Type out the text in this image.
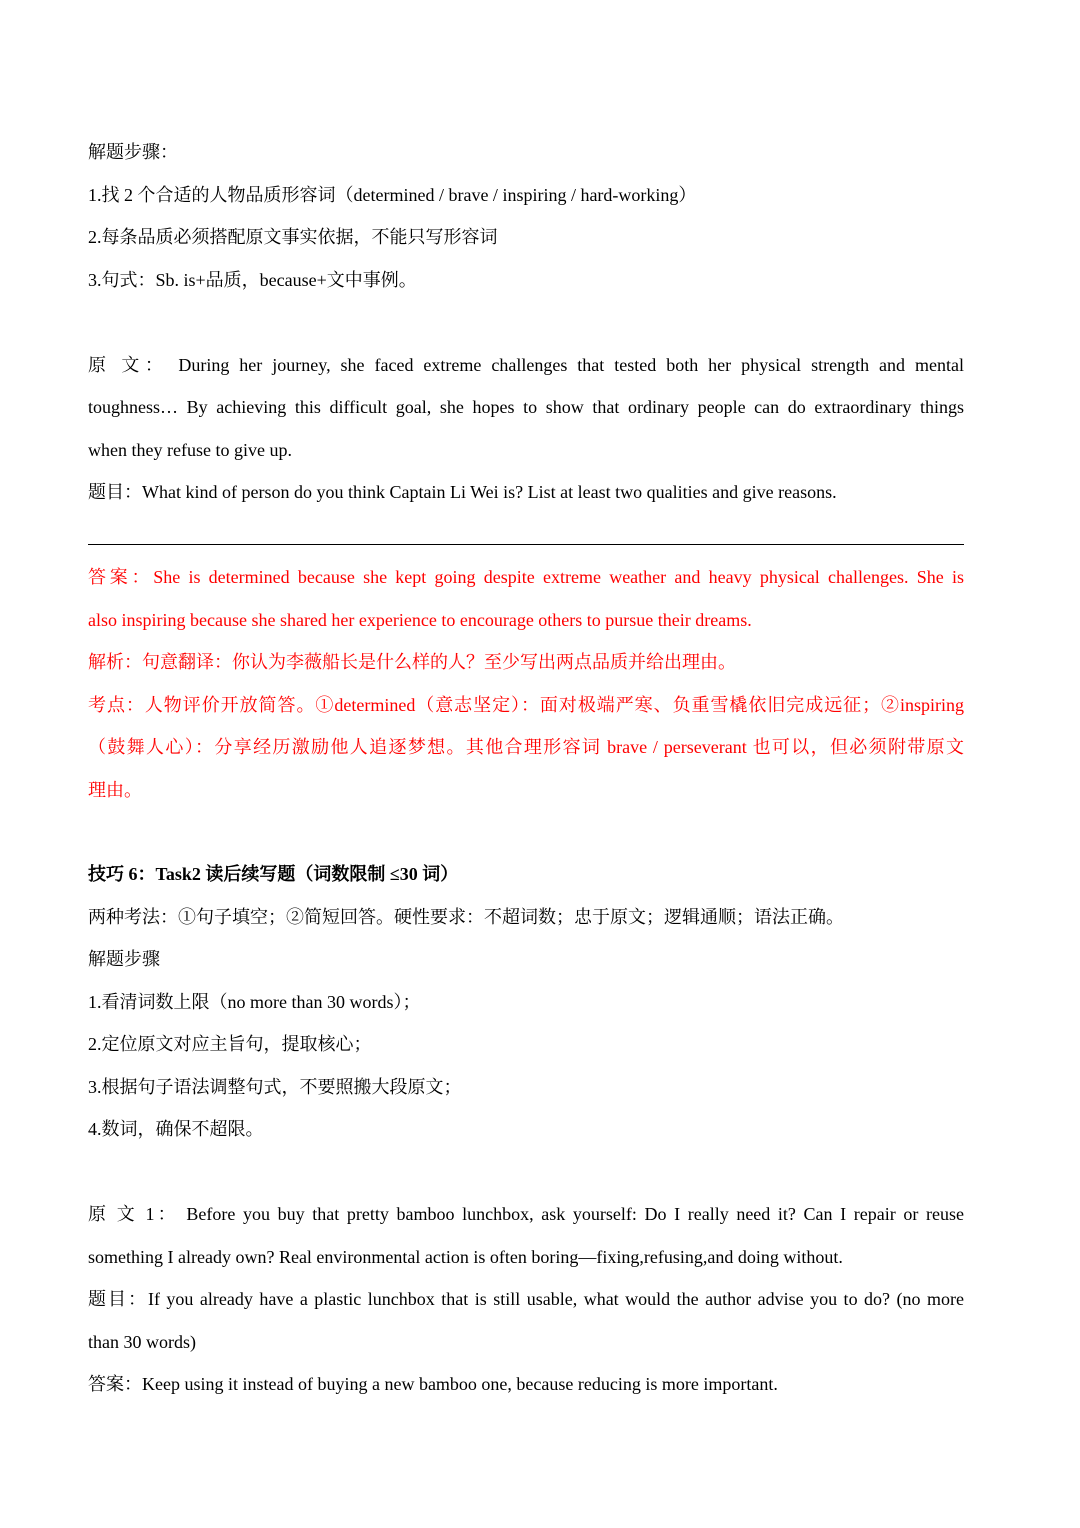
解题步骤：

1.找 2 个合适的人物品质形容词（determined / brave / inspiring / hard-working）

2.每条品质必须搭配原文事实依据，不能只写形容词

3.句式：Sb. is+品质，because+文中事例。

原 文： During her journey, she faced extreme challenges that tested both her physical strength and mental

toughness… By achieving this difficult goal, she hopes to show that ordinary people can do extraordinary things

when they refuse to give up.

题目：What kind of person do you think Captain Li Wei is? List at least two qualities and give reasons.

答案：She is determined because she kept going despite extreme weather and heavy physical challenges. She is

also inspiring because she shared her experience to encourage others to pursue their dreams.

解析：句意翻译：你认为李薇船长是什么样的人？至少写出两点品质并给出理由。

考点：人物评价开放简答。①determined（意志坚定）：面对极端严寒、负重雪橇依旧完成远征；②inspiring

（鼓舞人心）：分享经历激励他人追逐梦想。其他合理形容词 brave / perseverant 也可以，但必须附带原文

理由。

技巧 6：Task2 读后续写题（词数限制 ≤30 词）

两种考法：①句子填空；②简短回答。硬性要求：不超词数；忠于原文；逻辑通顺；语法正确。

解题步骤

1.看清词数上限（no more than 30 words）；

2.定位原文对应主旨句，提取核心；

3.根据句子语法调整句式，不要照搬大段原文；

4.数词，确保不超限。

原 文 1： Before you buy that pretty bamboo lunchbox, ask yourself: Do I really need it? Can I repair or reuse

something I already own? Real environmental action is often boring—fixing,refusing,and doing without.

题目：If you already have a plastic lunchbox that is still usable, what would the author advise you to do? (no more

than 30 words)

答案：Keep using it instead of buying a new bamboo one, because reducing is more important.
